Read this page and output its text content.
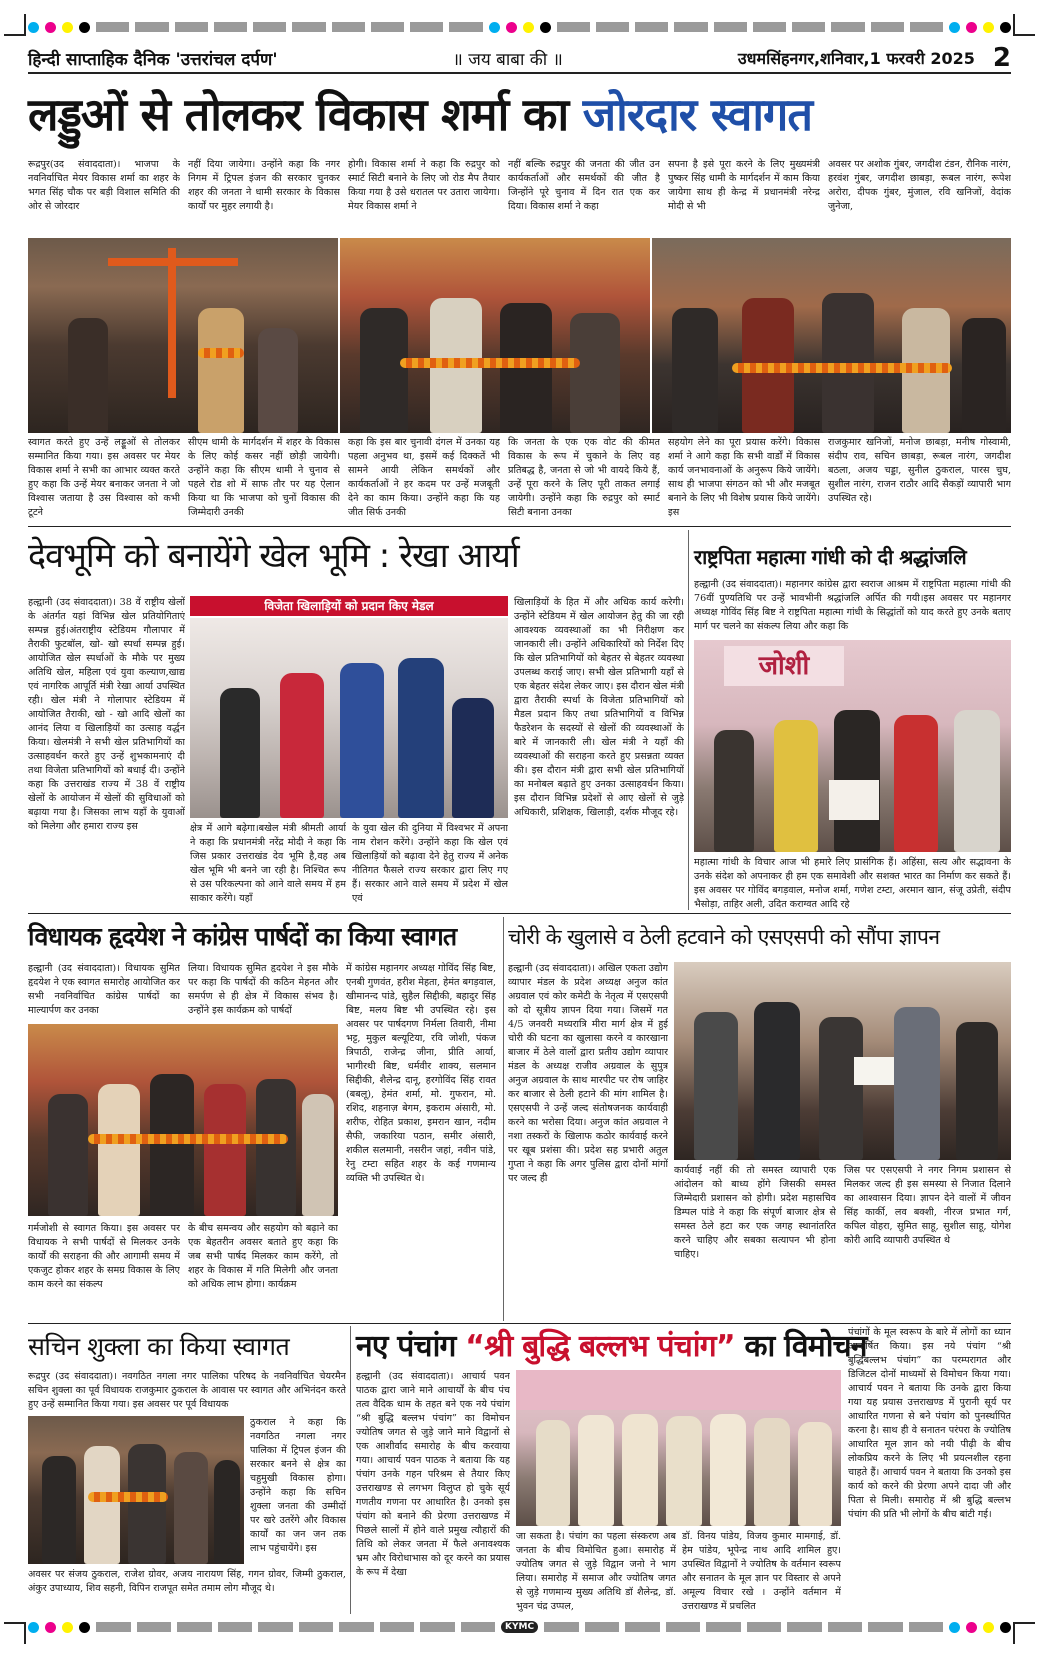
हिन्दी साप्ताहिक दैनिक 'उत्तरांचल दर्पण'	॥ जय बाबा की ॥	उधमसिंहनगर,शनिवार,1 फरवरी 2025 2
लड्डुओं से तोलकर विकास शर्मा का जोरदार स्वागत
रूद्रपुर(उद संवाददाता)। भाजपा के नवनिर्वाचित मेयर विकास शर्मा का शहर के भगत सिंह चौक पर बड़ी विशाल समिति की ओर से जोरदार
नहीं दिया जायेगा। उन्होंने कहा कि नगर निगम में ट्रिपल इंजन की सरकार चुनकर शहर की जनता ने धामी सरकार के विकास कार्यों पर मुहर लगायी है।
होगी। विकास शर्मा ने कहा कि रुद्रपुर को स्मार्ट सिटी बनाने के लिए जो रोड मैप तैयार किया गया है उसे धरातल पर उतारा जायेगा। मेयर विकास शर्मा ने
नहीं बल्कि रुद्रपुर की जनता की जीत उन कार्यकर्ताओं और समर्थकों की जीत है जिन्होंने पूरे चुनाव में दिन रात एक कर दिया। विकास शर्मा ने कहा
सपना है इसे पूरा करने के लिए मुख्यमंत्री पुष्कर सिंह धामी के मार्गदर्शन में काम किया जायेगा साथ ही केन्द्र में प्रधानमंत्री नरेन्द्र मोदी से भी
अवसर पर अशोक गुंबर, जगदीश टंडन, रौनिक नारंग, हरवंश गुंबर, जगदीश छाबड़ा, रूबल नारंग, रूपेश अरोरा, दीपक गुंबर, मुंजाल, रवि खनिजों, वेदांक जुनेजा,
स्वागत करते हुए उन्हें लड्डूओं से तोलकर सम्मानित किया गया। इस अवसर पर मेयर विकास शर्मा ने सभी का आभार व्यक्त करते हुए कहा कि उन्हें मेयर बनाकर जनता ने जो विश्वास जताया है उस विश्वास को कभी टूटने
सीएम धामी के मार्गदर्शन में शहर के विकास के लिए कोई कसर नहीं छोड़ी जायेगी। उन्होंने कहा कि सीएम धामी ने चुनाव से पहले रोड शो में साफ तौर पर यह ऐलान किया था कि भाजपा को चुनों विकास की जिम्मेदारी उनकी
कहा कि इस बार चुनावी दंगल में उनका यह पहला अनुभव था, इसमें कई दिक्कतें भी सामने आयी लेकिन समर्थकों और कार्यकर्ताओं ने हर कदम पर उन्हें मजबूती देने का काम किया। उन्होंने कहा कि यह जीत सिर्फ उनकी
कि जनता के एक एक वोट की कीमत विकास के रूप में चुकाने के लिए वह प्रतिबद्ध है, जनता से जो भी वायदे किये हैं, उन्हें पूरा करने के लिए पूरी ताकत लगाई जायेगी। उन्होंने कहा कि रुद्रपुर को स्मार्ट सिटी बनाना उनका
सहयोग लेने का पूरा प्रयास करेंगे। विकास शर्मा ने आगे कहा कि सभी वार्डों में विकास कार्य जनभावनाओं के अनुरूप किये जायेंगे। साथ ही भाजपा संगठन को भी और मजबूत बनाने के लिए भी विशेष प्रयास किये जायेंगे। इस
राजकुमार खनिजों, मनोज छाबड़ा, मनीष गोस्वामी, संदीप राव, सचिन छाबड़ा, रूबल नारंग, जगदीश बठला, अजय चड्डा, सुनील ठुकराल, पारस चुघ, सुशील नारंग, राजन राठौर आदि सैकड़ों व्यापारी भाग उपस्थित रहे।
देवभूमि को बनायेंगे खेल भूमि : रेखा आर्या
हल्द्वानी (उद संवाददाता)। 38 वें राष्ट्रीय खेलों के अंतर्गत यहां विभिन्न खेल प्रतियोगिताएं सम्पन्न हुई।अंतराष्ट्रीय स्टेडियम गौलापार में तैराकी फुटबॉल, खो- खो स्पर्धा सम्पन्न हुई। आयोजित खेल स्पर्धाओं के मौके पर मुख्य अतिथि खेल, महिला एवं युवा कल्याण,खाद्य एवं नागरिक आपूर्ति मंत्री रेखा आर्या उपस्थित रही। खेल मंत्री ने गोलापार स्टेडियम में आयोजित तैराकी, खो - खो आदि खेलों का आनंद लिया व खिलाड़ियों का उत्साह वर्द्धन किया। खेलमंत्री ने सभी खेल प्रतिभागियों का उत्साहवर्धन करते हुए उन्हें शुभकामनाएं दी तथा विजेता प्रतिभागियों को बधाई दी। उन्होंने कहा कि उत्तराखंड राज्य में 38 वें राष्ट्रीय खेलों के आयोजन में खेलों की सुविधाओं को बढ़ाया गया है। जिसका लाभ यहाँ के युवाओं को मिलेगा और हमारा राज्य इस
विजेता खिलाड़ियों को प्रदान किए मेडल
क्षेत्र में आगे बढ़ेगा।बखेल मंत्री श्रीमती आर्या ने कहा कि प्रधानमंत्री नरेंद्र मोदी ने कहा कि जिस प्रकार उत्तराखंड देव भूमि है,वह अब खेल भूमि भी बनने जा रही है। निश्चित रूप से उस परिकल्पना को आने वाले समय में हम साकार करेंगे। यहाँ
के युवा खेल की दुनिया में विश्वभर में अपना नाम रोशन करेंगे। उन्होंने कहा कि खेल एवं खिलाड़ियों को बढ़ावा देने हेतु राज्य में अनेक नीतिगत फैसले राज्य सरकार द्वारा लिए गए हैं। सरकार आने वाले समय में प्रदेश में खेल एवं
खिलाड़ियों के हित में और अधिक कार्य करेगी। उन्होंने स्टेडियम में खेल आयोजन हेतु की जा रही आवश्यक व्यवस्थाओं का भी निरीक्षण कर जानकारी ली। उन्होंने अधिकारियों को निर्देश दिए कि खेल प्रतिभागियों को बेहतर से बेहतर व्यवस्था उपलब्ध कराई जाए। सभी खेल प्रतिभागी यहाँ से एक बेहतर संदेश लेकर जाए। इस दौरान खेल मंत्री द्वारा तैराकी स्पर्धा के विजेता प्रतिभागियों को मैडल प्रदान किए तथा प्रतिभागियों व विभिन्न फैडरेशन के सदस्यों से खेलों की व्यवस्थाओं के बारे में जानकारी ली। खेल मंत्री ने यहाँ की व्यवस्थाओं की सराहना करते हुए प्रसन्नता व्यक्त की। इस दौरान मंत्री द्वारा सभी खेल प्रतिभागियों का मनोबल बढ़ाते हुए उनका उत्साहवर्धन किया। इस दौरान विभिन्न प्रदेशों से आए खेलों से जुड़े अधिकारी, प्रशिक्षक, खिलाड़ी, दर्शक मौजूद रहे।
राष्ट्रपिता महात्मा गांधी को दी श्रद्धांजलि
हल्द्वानी (उद संवाददाता)। महानगर कांग्रेस द्वारा स्वराज आश्रम में राष्ट्रपिता महात्मा गांधी की 76वीं पुण्यतिथि पर उन्हें भावभीनी श्रद्धांजलि अर्पित की गयी।इस अवसर पर महानगर अध्यक्ष गोविंद सिंह बिष्ट ने राष्ट्रपिता महात्मा गांधी के सिद्धांतों को याद करते हुए उनके बताए मार्ग पर चलने का संकल्प लिया और कहा कि
जोशी
महात्मा गांधी के विचार आज भी हमारे लिए प्रासंगिक हैं। अहिंसा, सत्य और सद्भावना के उनके संदेश को अपनाकर ही हम एक समावेशी और सशक्त भारत का निर्माण कर सकते हैं। इस अवसर पर गोविंद बगड़वाल, मनोज शर्मा, गणेश टम्टा, अरमान खान, संजू उप्रेती, संदीप भैसोड़ा, ताहिर अली, उदित कराग्वत आदि रहे
विधायक हृदयेश ने कांग्रेस पार्षदों का किया स्वागत
हल्द्वानी (उद संवाददाता)। विधायक सुमित हृदयेश ने एक स्वागत समारोह आयोजित कर सभी नवनिर्वाचित कांग्रेस पार्षदों का माल्यार्पण कर उनका
लिया। विधायक सुमित हृदयेश ने इस मौके पर कहा कि पार्षदों की कठिन मेहनत और समर्पण से ही क्षेत्र में विकास संभव है। उन्होंने इस कार्यक्रम को पार्षदों
में कांग्रेस महानगर अध्यक्ष गोविंद सिंह बिष्ट, एनबी गुणवंत, हरीश मेहता, हेमंत बगड़वाल, खीमानन्द पांडे, सुहैल सिद्दीकी, बहादुर सिंह बिष्ट, मलय बिष्ट भी उपस्थित रहे। इस अवसर पर पार्षदगण निर्मला तिवारी, नीमा भट्ट, मुकुल बल्यूटिया, रवि जोशी, पंकज त्रिपाठी, राजेन्द्र जीना, प्रीति आर्या, भागीरथी बिष्ट, धर्मवीर शाक्य, सलमान सिद्दीकी, शैलेन्द्र दानू, हरगोविंद सिंह रावत (बबलू), हेमंत शर्मा, मो. गुफरान, मो. रशिद, शहनाज़ बेगम, इकराम अंसारी, मो. शरीफ, रोहित प्रकाश, इमरान खान, नदीम सैफी, जकारिया पठान, समीर अंसारी, शकील सलमानी, नसरीन जहां, नवीन पांडे, रेनु टम्टा सहित शहर के कई गणमान्य व्यक्ति भी उपस्थित थे।
गर्मजोशी से स्वागत किया। इस अवसर पर विधायक ने सभी पार्षदों से मिलकर उनके कार्यों की सराहना की और आगामी समय में एकजुट होकर शहर के समग्र विकास के लिए काम करने का संकल्प
के बीच समन्वय और सहयोग को बढ़ाने का एक बेहतरीन अवसर बताते हुए कहा कि जब सभी पार्षद मिलकर काम करेंगे, तो शहर के विकास में गति मिलेगी और जनता को अधिक लाभ होगा। कार्यक्रम
चोरी के खुलासे व ठेली हटवाने को एसएसपी को सौंपा ज्ञापन
हल्द्वानी (उद संवाददाता)। अखिल एकता उद्योग व्यापार मंडल के प्रदेश अध्यक्ष अनुज कांत अग्रवाल एवं कोर कमेटी के नेतृत्व में एसएसपी को दो सूत्रीय ज्ञापन दिया गया। जिसमें गत 4/5 जनवरी मध्यरात्रि मीरा मार्ग क्षेत्र में हुई चोरी की घटना का खुलासा करने व कारखाना बाजार में ठेले वालों द्वारा प्रतीय उद्योग व्यापार मंडल के अध्यक्ष राजीव अग्रवाल के सुपुत्र अनुज अग्रवाल के साथ मारपीट पर रोष जाहिर कर बाजार से ठेली हटाने की मांग शामिल है। एसएसपी ने उन्हें जल्द संतोषजनक कार्यवाही करने का भरोसा दिया। अनुज कांत अग्रवाल ने नशा तस्करों के खिलाफ कठोर कार्यवाई करने पर खूब प्रशंसा की। प्रदेश सह प्रभारी अतुल गुप्ता ने कहा कि अगर पुलिस द्वारा दोनों मांगों पर जल्द ही
कार्यवाई नहीं की तो समस्त व्यापारी एक आंदोलन को बाध्य होंगे जिसकी समस्त जिम्मेदारी प्रशासन को होगी। प्रदेश महासचिव डिम्पल पांडे ने कहा कि संपूर्ण बाजार क्षेत्र से समस्त ठेले हटा कर एक जगह स्थानांतरित करने चाहिए और सबका सत्यापन भी होना चाहिए।
जिस पर एसएसपी ने नगर निगम प्रशासन से मिलकर जल्द ही इस समस्या से निजात दिलाने का आश्वासन दिया। ज्ञापन देने वालों में जीवन सिंह कार्की, लव बक्शी, नीरज प्रभात गर्ग, कपिल वोहरा, सुमित साहू, सुशील साहू, योगेश कोरी आदि व्यापारी उपस्थित थे
सचिन शुक्ला का किया स्वागत
रूद्रपुर (उद संवाददाता)। नवगठित नगला नगर पालिका परिषद के नवनिर्वाचित चेयरमैन सचिन शुक्ला का पूर्व विधायक राजकुमार ठुकराल के आवास पर स्वागत और अभिनंदन करते हुए उन्हें सम्मानित किया गया। इस अवसर पर पूर्व विधायक
ठुकराल ने कहा कि नवगठित नगला नगर पालिका में ट्रिपल इंजन की सरकार बनने से क्षेत्र का चहुमुखी विकास होगा। उन्होंने कहा कि सचिन शुक्ला जनता की उम्मीदों पर खरे उतरेंगे और विकास कार्यों का जन जन तक लाभ पहुंचायेंगे। इस
अवसर पर संजय ठुकराल, राजेश ग्रोवर, अजय नारायण सिंह, गगन ग्रोवर, जिम्मी ठुकराल, अंकुर उपाध्याय, शिव सहनी, विपिन राजपूत समेत तमाम लोग मौजूद थे।
नए पंचांग “श्री बुद्धि बल्लभ पंचांग” का विमोचन
हल्द्वानी (उद संवाददाता)। आचार्य पवन पाठक द्वारा जाने माने आचार्यों के बीच पंच तत्व वैदिक धाम के तहत बने एक नये पंचांग “श्री बुद्धि बल्लभ पंचांग” का विमोचन ज्योतिष जगत से जुड़े जाने माने विद्वानों से एक आशीर्वाद समारोह के बीच करवाया गया। आचार्य पवन पाठक ने बताया कि यह पंचांग उनके गहन परिश्रम से तैयार किए उत्तराखण्ड से लगभग विलुप्त हो चुके सूर्य गणतीय गणना पर आधारित है। उनको इस पंचांग को बनाने की प्रेरणा उत्तराखण्ड में पिछले सालों में होने वाले प्रमुख त्यौहारों की तिथि को लेकर जनता में फैले अनावश्यक भ्रम और विरोधाभास को दूर करने का प्रयास के रूप में देखा
जा सकता है। पंचांग का पहला संस्करण अब जनता के बीच विमोचित हुआ। समारोह में ज्योतिष जगत से जुड़े विद्वान जनो ने भाग लिया। समारोह में समाज और ज्योतिष जगत से जुड़े गणमान्य मुख्य अतिथि डॉ शैलेन्द्र, डॉ. भुवन चंद्र उप्पल,
डॉ. विनय पांडेय, विजय कुमार मामगाई, डॉ. हेम पांडेय, भूपेन्द्र नाथ आदि शामिल हुए।उपस्थित विद्वानों ने ज्योतिष के वर्तमान स्वरूप और सनातन के मूल ज्ञान पर विस्तार से अपने अमूल्य विचार रखे । उन्होंने वर्तमान में उत्तराखण्ड में प्रचलित
पंचांगों के मूल स्वरूप के बारे में लोगों का ध्यान आकर्षित किया। इस नये पंचांग “श्री बुद्धिबल्लभ पंचांग” का परम्परागत और डिजिटल दोनों माध्यमों से विमोचन किया गया। आचार्य पवन ने बताया कि उनके द्वारा किया गया यह प्रयास उत्तराखण्ड में पुरानी सूर्य पर आधारित गणना से बने पंचांग को पुनर्स्थापित करना है। साथ ही वे सनातन परंपरा के ज्योतिष आधारित मूल ज्ञान को नयी पीढ़ी के बीच लोकप्रिय करने के लिए भी प्रयत्नशील रहना चाहते हैं। आचार्य पवन ने बताया कि उनको इस कार्य को करने की प्रेरणा अपने दादा जी और पिता से मिली। समारोह में श्री बुद्धि बल्लभ पंचांग की प्रति भी लोगों के बीच बांटी गई।
KYMC
